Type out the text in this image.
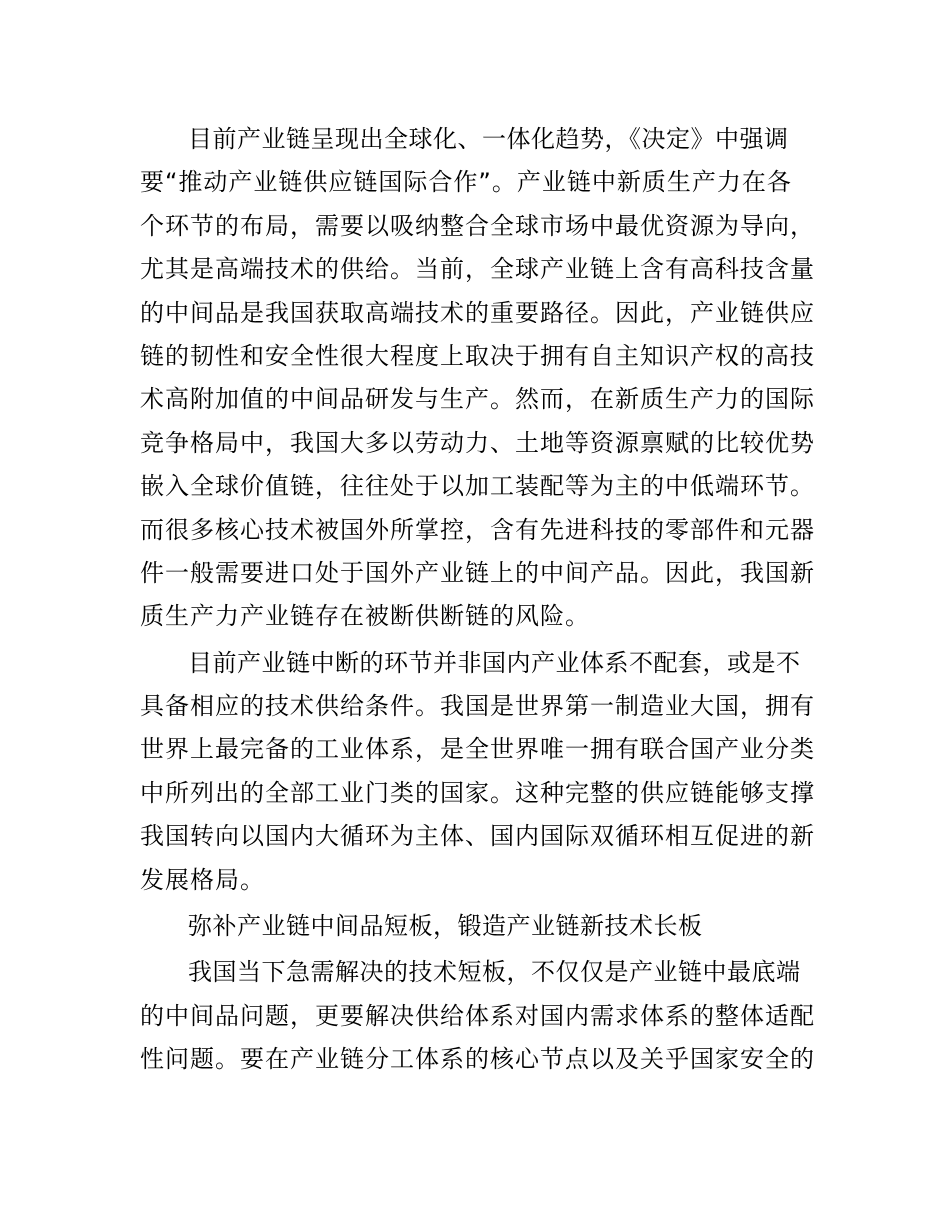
目前产业链呈现出全球化、一体化趋势，《决定》中强调
要“推动产业链供应链国际合作”。产业链中新质生产力在各
个环节的布局，需要以吸纳整合全球市场中最优资源为导向，
尤其是高端技术的供给。当前，全球产业链上含有高科技含量
的中间品是我国获取高端技术的重要路径。因此，产业链供应
链的韧性和安全性很大程度上取决于拥有自主知识产权的高技
术高附加值的中间品研发与生产。然而，在新质生产力的国际
竞争格局中，我国大多以劳动力、土地等资源禀赋的比较优势
嵌入全球价值链，往往处于以加工装配等为主的中低端环节。
而很多核心技术被国外所掌控，含有先进科技的零部件和元器
件一般需要进口处于国外产业链上的中间产品。因此，我国新
质生产力产业链存在被断供断链的风险。
目前产业链中断的环节并非国内产业体系不配套，或是不
具备相应的技术供给条件。我国是世界第一制造业大国，拥有
世界上最完备的工业体系，是全世界唯一拥有联合国产业分类
中所列出的全部工业门类的国家。这种完整的供应链能够支撑
我国转向以国内大循环为主体、国内国际双循环相互促进的新
发展格局。
弥补产业链中间品短板，锻造产业链新技术长板
我国当下急需解决的技术短板，不仅仅是产业链中最底端
的中间品问题，更要解决供给体系对国内需求体系的整体适配
性问题。要在产业链分工体系的核心节点以及关乎国家安全的
